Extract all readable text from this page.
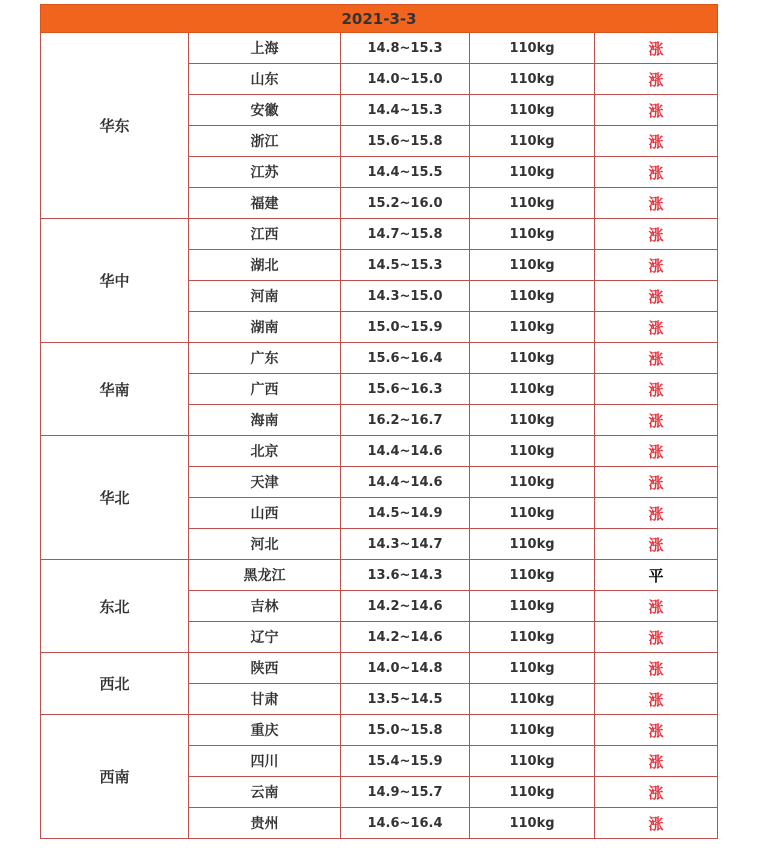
2021-3-3				
华东	上海	14.8~15.3	110kg	涨
	山东	14.0~15.0	110kg	涨
	安徽	14.4~15.3	110kg	涨
	浙江	15.6~15.8	110kg	涨
	江苏	14.4~15.5	110kg	涨
	福建	15.2~16.0	110kg	涨
华中	江西	14.7~15.8	110kg	涨
	湖北	14.5~15.3	110kg	涨
	河南	14.3~15.0	110kg	涨
	湖南	15.0~15.9	110kg	涨
华南	广东	15.6~16.4	110kg	涨
	广西	15.6~16.3	110kg	涨
	海南	16.2~16.7	110kg	涨
华北	北京	14.4~14.6	110kg	涨
	天津	14.4~14.6	110kg	涨
	山西	14.5~14.9	110kg	涨
	河北	14.3~14.7	110kg	涨
东北	黑龙江	13.6~14.3	110kg	平
	吉林	14.2~14.6	110kg	涨
	辽宁	14.2~14.6	110kg	涨
西北	陕西	14.0~14.8	110kg	涨
	甘肃	13.5~14.5	110kg	涨
西南	重庆	15.0~15.8	110kg	涨
	四川	15.4~15.9	110kg	涨
	云南	14.9~15.7	110kg	涨
	贵州	14.6~16.4	110kg	涨
